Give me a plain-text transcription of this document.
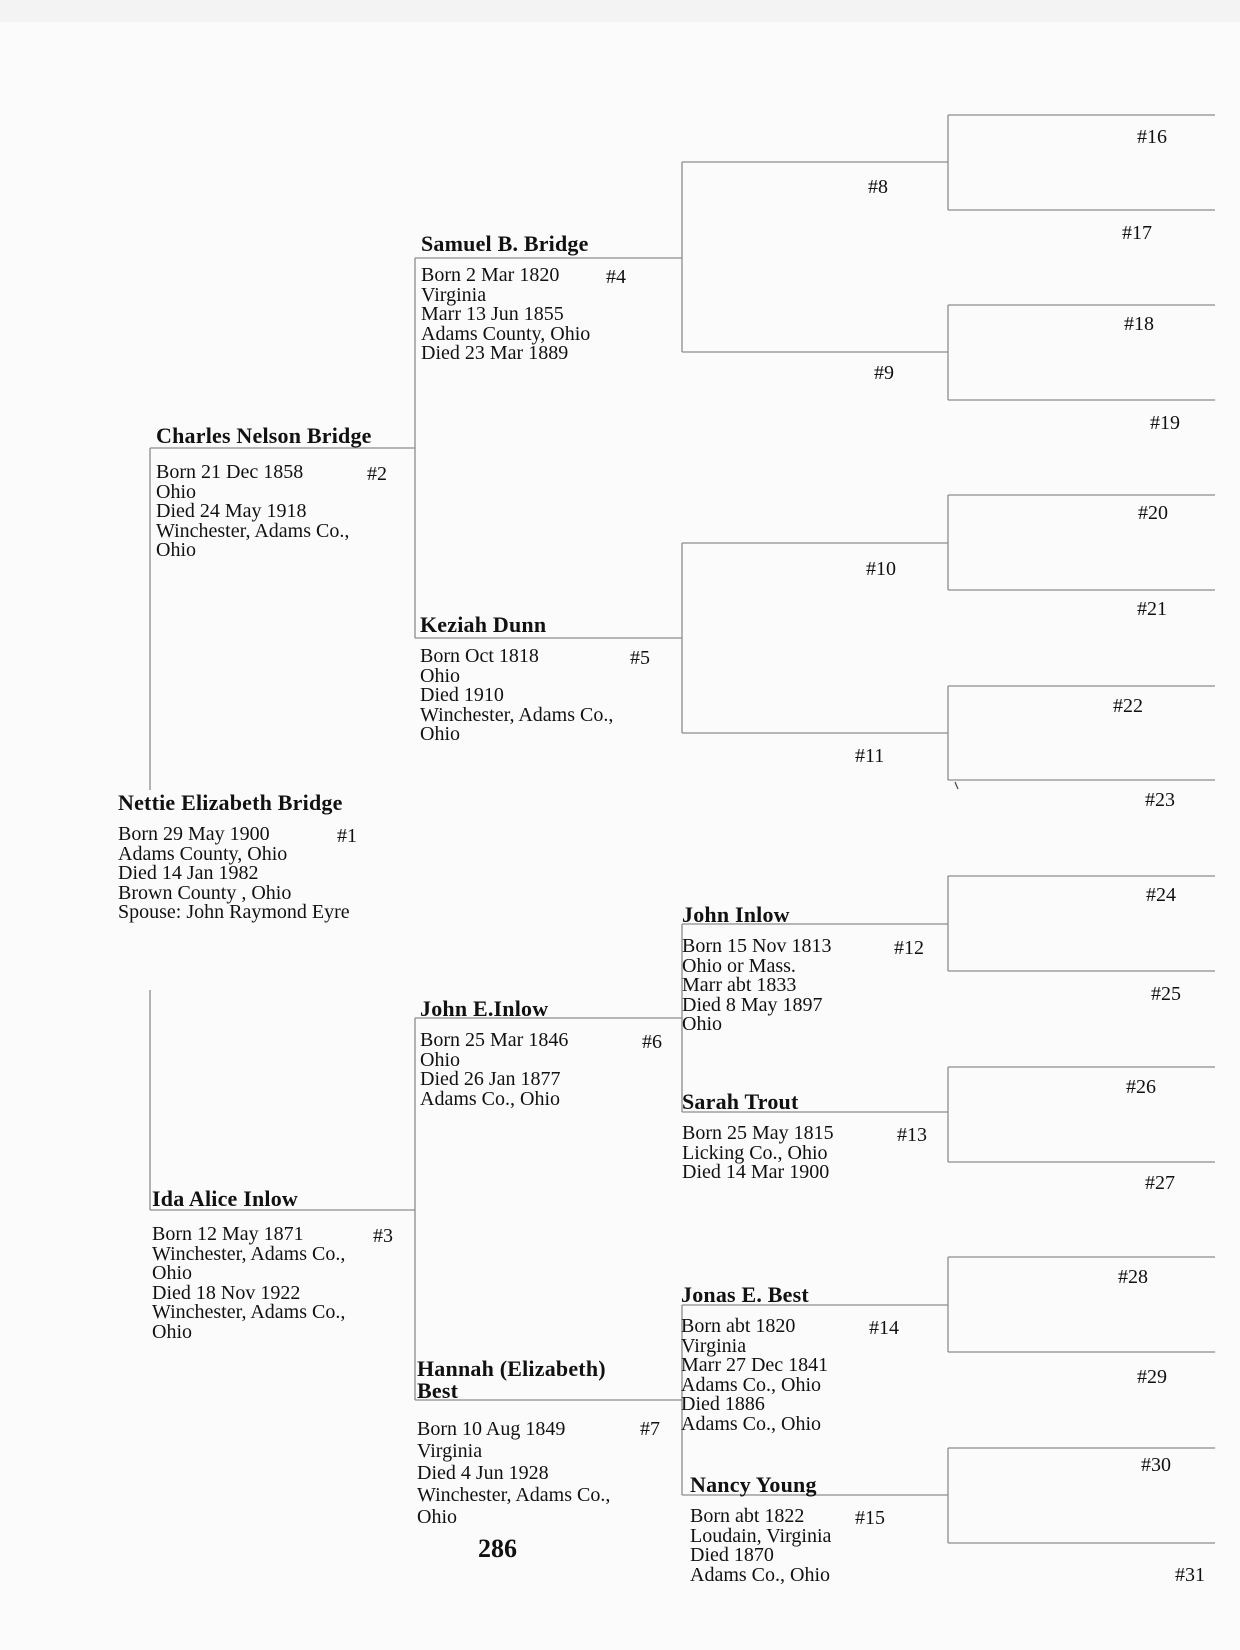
Nettie Elizabeth Bridge
Born 29 May 1900
Adams County, Ohio
Died 14 Jan 1982
Brown County , Ohio
Spouse: John Raymond Eyre
#1
Charles Nelson Bridge
Born 21 Dec 1858
Ohio
Died 24 May 1918
Winchester, Adams Co.,
Ohio
#2
Ida Alice Inlow
Born 12 May 1871
Winchester, Adams Co.,
Ohio
Died 18 Nov 1922
Winchester, Adams Co.,
Ohio
#3
Samuel B. Bridge
Born 2 Mar 1820
Virginia
Marr 13 Jun 1855
Adams County, Ohio
Died 23 Mar 1889
#4
Keziah Dunn
Born Oct 1818
Ohio
Died 1910
Winchester, Adams Co.,
Ohio
#5
John E.Inlow
Born 25 Mar 1846
Ohio
Died 26 Jan 1877
Adams Co., Ohio
#6
Hannah (Elizabeth)
Best
Born 10 Aug 1849
Virginia
Died 4 Jun 1928
Winchester, Adams Co.,
Ohio
#7
John Inlow
Born 15 Nov 1813
Ohio or Mass.
Marr abt 1833
Died 8 May 1897
Ohio
#12
Sarah Trout
Born 25 May 1815
Licking Co., Ohio
Died 14 Mar 1900
#13
Jonas E. Best
Born abt 1820
Virginia
Marr 27 Dec 1841
Adams Co., Ohio
Died 1886
Adams Co., Ohio
#14
Nancy Young
Born abt 1822
Loudain, Virginia
Died 1870
Adams Co., Ohio
#15
#8
#9
#10
#11
#16
#17
#18
#19
#20
#21
#22
#23
#24
#25
#26
#27
#28
#29
#30
#31
286
